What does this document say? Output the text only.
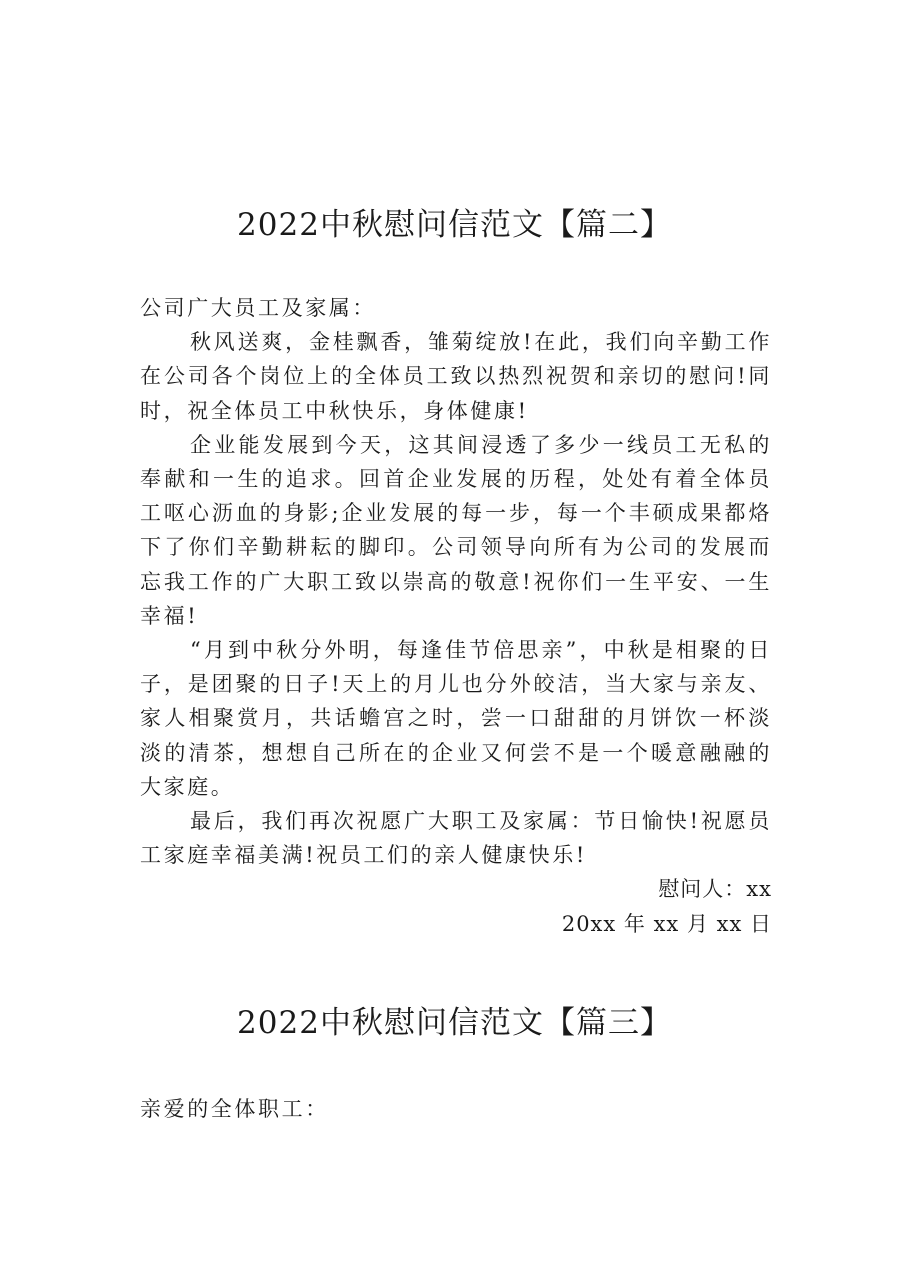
2022中秋慰问信范文【篇二】

公司广大员工及家属：

秋风送爽，金桂飘香，雏菊绽放!在此，我们向辛勤工作在公司各个岗位上的全体员工致以热烈祝贺和亲切的慰问!同时，祝全体员工中秋快乐，身体健康!

企业能发展到今天，这其间浸透了多少一线员工无私的奉献和一生的追求。回首企业发展的历程，处处有着全体员工呕心沥血的身影;企业发展的每一步，每一个丰硕成果都烙下了你们辛勤耕耘的脚印。公司领导向所有为公司的发展而忘我工作的广大职工致以崇高的敬意!祝你们一生平安、一生幸福!

“月到中秋分外明，每逢佳节倍思亲”，中秋是相聚的日子，是团聚的日子!天上的月儿也分外皎洁，当大家与亲友、家人相聚赏月，共话蟾宫之时，尝一口甜甜的月饼饮一杯淡淡的清茶，想想自己所在的企业又何尝不是一个暖意融融的大家庭。

最后，我们再次祝愿广大职工及家属：节日愉快!祝愿员工家庭幸福美满!祝员工们的亲人健康快乐!

慰问人：xx

20xx 年 xx 月 xx 日

2022中秋慰问信范文【篇三】

亲爱的全体职工：
